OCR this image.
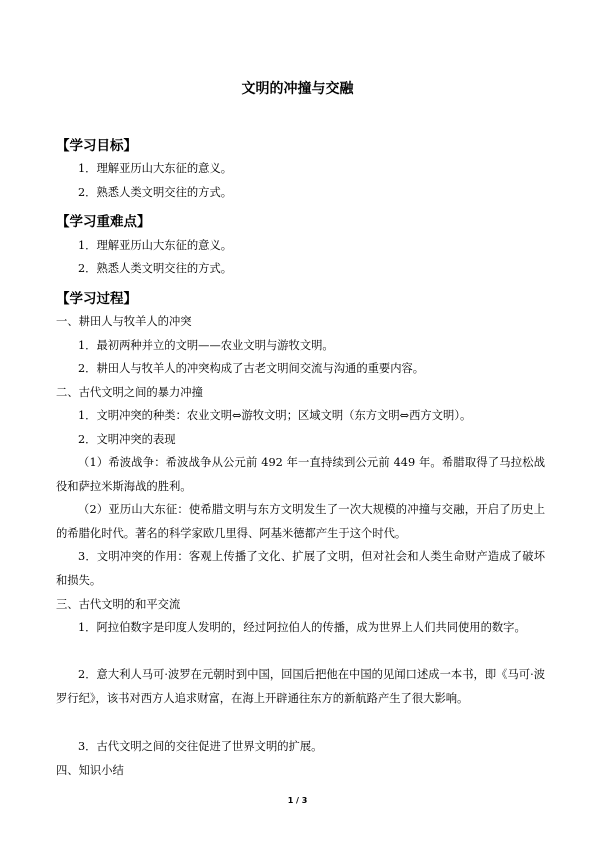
文明的冲撞与交融
【学习目标】
1．理解亚历山大东征的意义。
2．熟悉人类文明交往的方式。
【学习重难点】
1．理解亚历山大东征的意义。
2．熟悉人类文明交往的方式。
【学习过程】
一、耕田人与牧羊人的冲突
1．最初两种并立的文明——农业文明与游牧文明。
2．耕田人与牧羊人的冲突构成了古老文明间交流与沟通的重要内容。
二、古代文明之间的暴力冲撞
1．文明冲突的种类：农业文明⇔游牧文明；区域文明（东方文明⇔西方文明）。
2．文明冲突的表现
（1）希波战争：希波战争从公元前 492 年一直持续到公元前 449 年。希腊取得了马拉松战役和萨拉米斯海战的胜利。
（2）亚历山大东征：使希腊文明与东方文明发生了一次大规模的冲撞与交融，开启了历史上的希腊化时代。著名的科学家欧几里得、阿基米德都产生于这个时代。
3．文明冲突的作用：客观上传播了文化、扩展了文明，但对社会和人类生命财产造成了破坏和损失。
三、古代文明的和平交流
1．阿拉伯数字是印度人发明的，经过阿拉伯人的传播，成为世界上人们共同使用的数字。
2．意大利人马可·波罗在元朝时到中国，回国后把他在中国的见闻口述成一本书，即《马可·波罗行纪》，该书对西方人追求财富，在海上开辟通往东方的新航路产生了很大影响。
3．古代文明之间的交往促进了世界文明的扩展。
四、知识小结
1 / 3
